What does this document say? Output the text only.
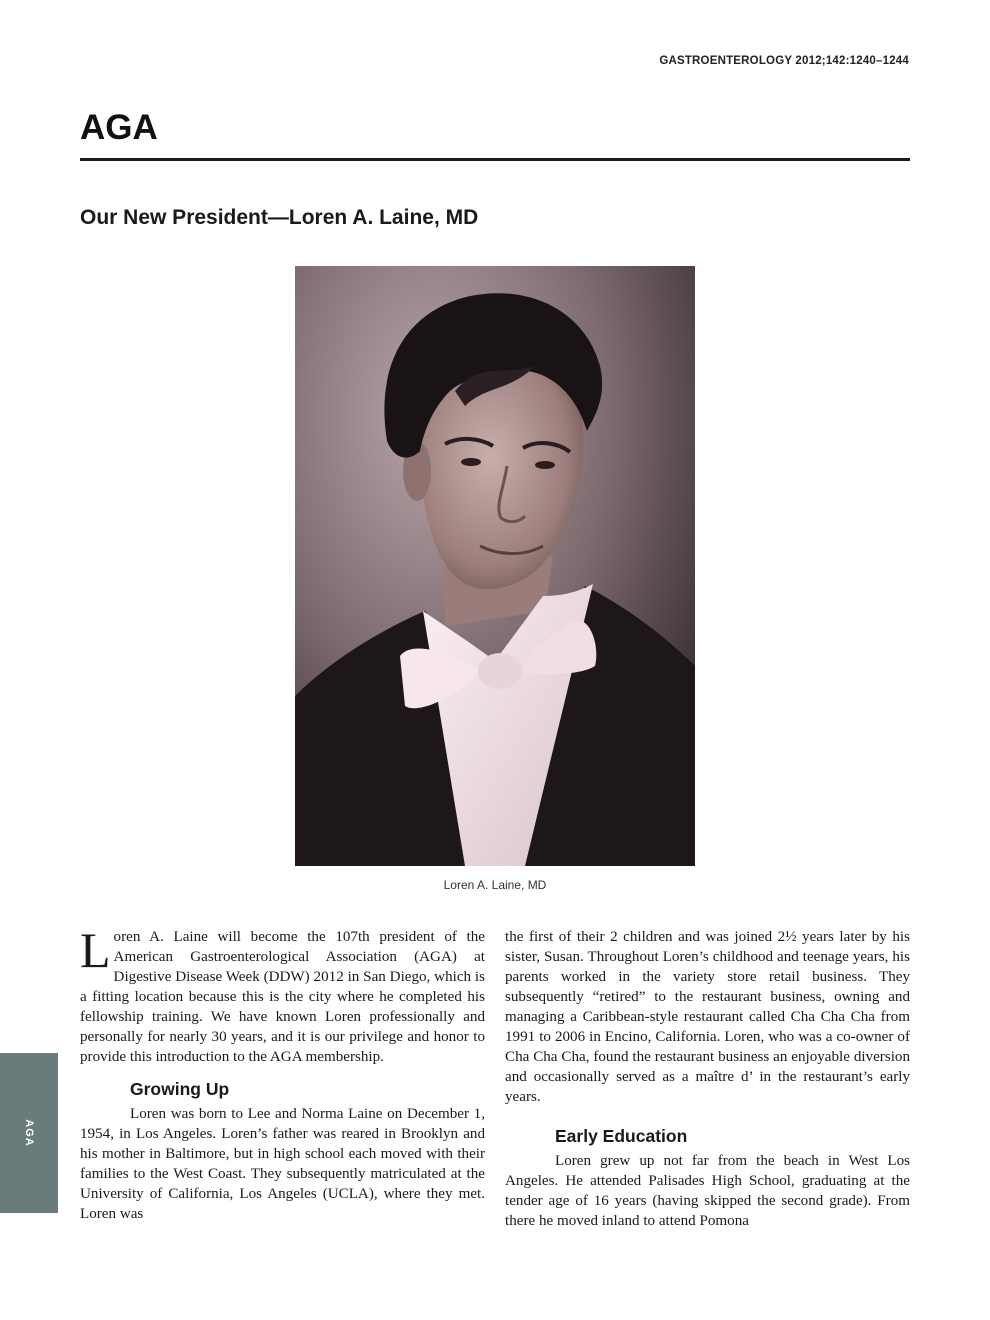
GASTROENTEROLOGY 2012;142:1240–1244
AGA
Our New President—Loren A. Laine, MD
Loren A. Laine, MD

Loren A. Laine will become the 107th president of the American Gastroenterological Association (AGA) at Digestive Disease Week (DDW) 2012 in San Diego, which is a fitting location because this is the city where he completed his fellowship training. We have known Loren professionally and personally for nearly 30 years, and it is our privilege and honor to provide this introduction to the AGA membership.

Growing Up

Loren was born to Lee and Norma Laine on December 1, 1954, in Los Angeles. Loren’s father was reared in Brooklyn and his mother in Baltimore, but in high school each moved with their families to the West Coast. They subsequently matriculated at the University of California, Los Angeles (UCLA), where they met. Loren was

the first of their 2 children and was joined 2½ years later by his sister, Susan. Throughout Loren’s childhood and teenage years, his parents worked in the variety store retail business. They subsequently “retired” to the restaurant business, owning and managing a Caribbean-style restaurant called Cha Cha Cha from 1991 to 2006 in Encino, California. Loren, who was a co-owner of Cha Cha Cha, found the restaurant business an enjoyable diversion and occasionally served as a maître d’ in the restaurant’s early years.

Early Education

Loren grew up not far from the beach in West Los Angeles. He attended Palisades High School, graduating at the tender age of 16 years (having skipped the second grade). From there he moved inland to attend Pomona

AGA
